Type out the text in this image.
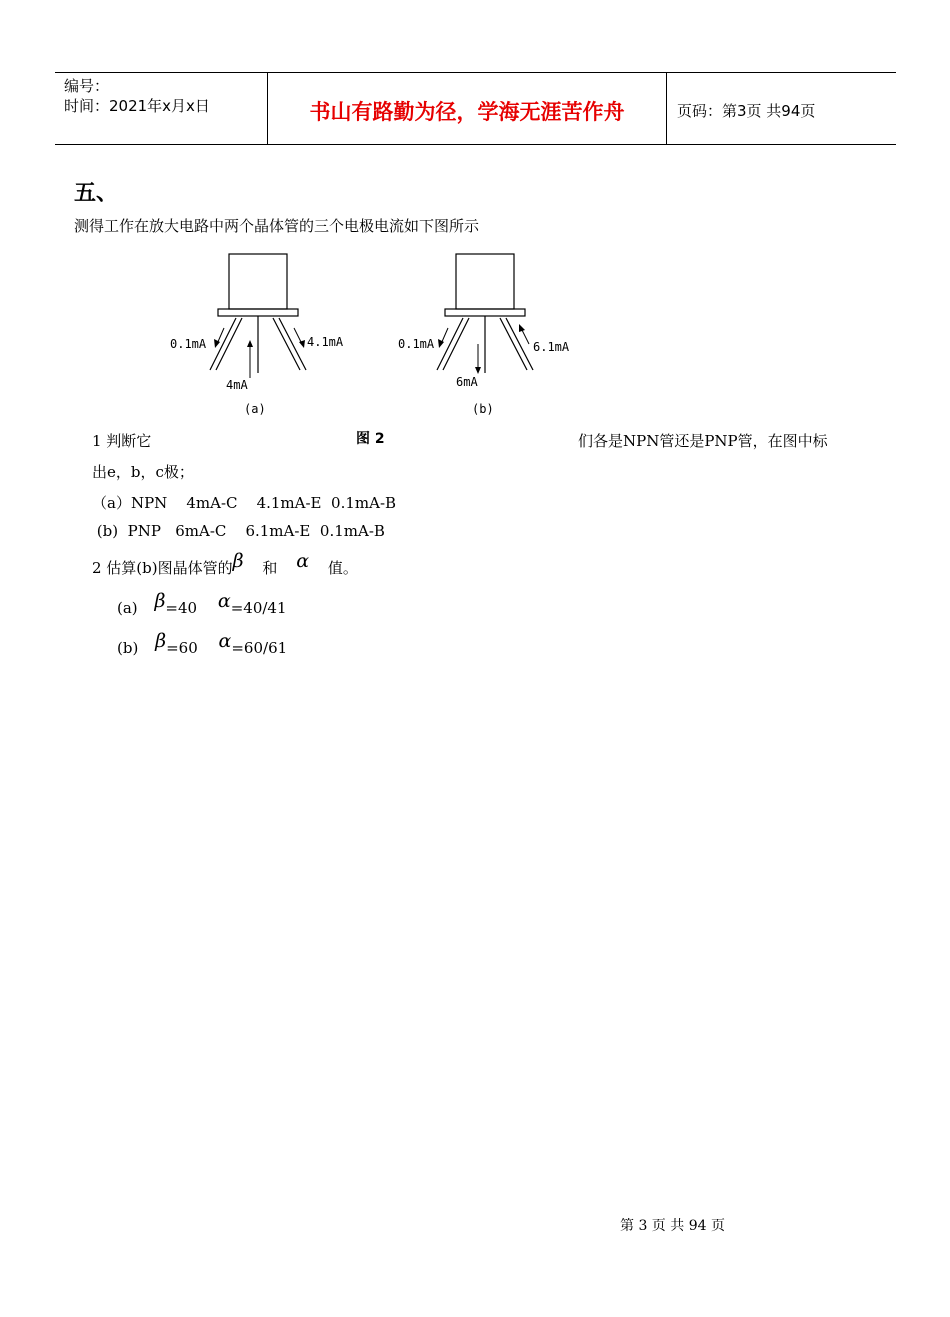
编号：
时间：2021年x月x日	书山有路勤为径，学海无涯苦作舟	页码：第3页 共94页
五、
测得工作在放大电路中两个晶体管的三个电极电流如下图所示
0.1mA	4.1mA
4mA
(a)
0.1mA	6.1mA
6mA
(b)
图 2
1 判断它	们各是NPN管还是PNP管，在图中标
出e，b，c极；
（a）NPN    4mA-C    4.1mA-E  0.1mA-B
(b)  PNP   6mA-C    6.1mA-E  0.1mA-B
2 估算(b)图晶体管的β 和 α 值。
(a) β=40 α=40/41
(b) β=60 α=60/61
第 3 页 共 94 页
